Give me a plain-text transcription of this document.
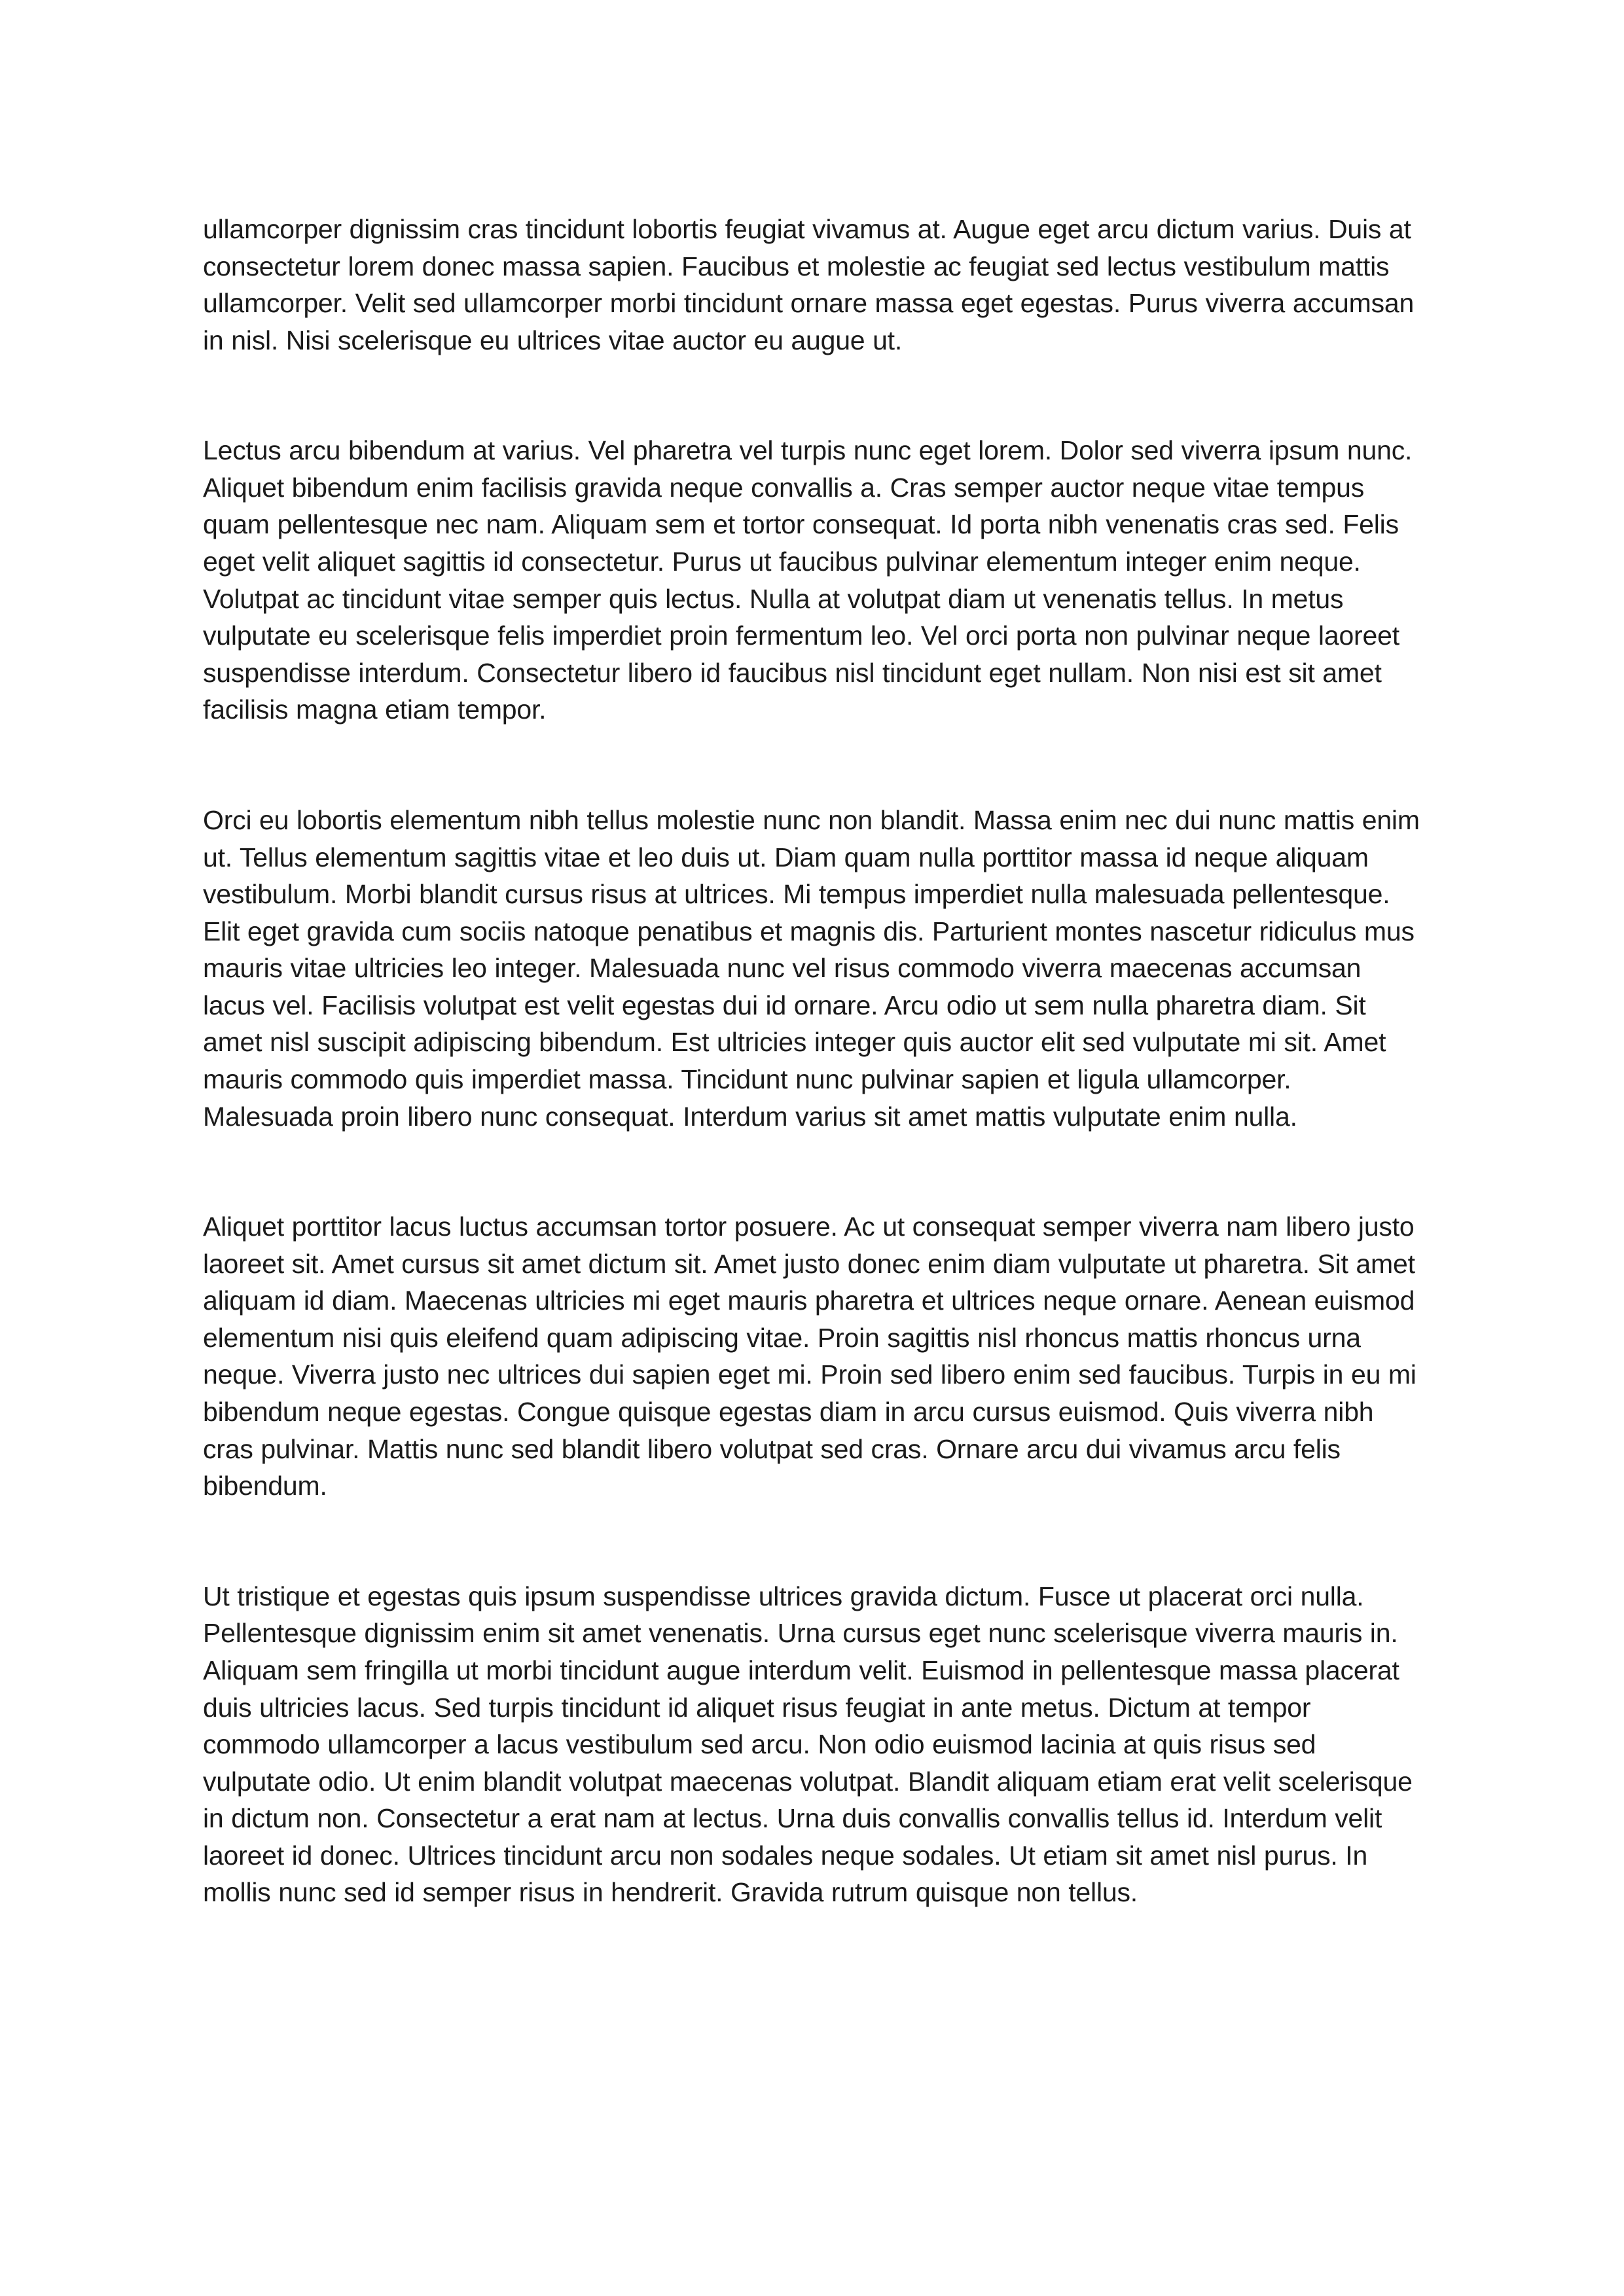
ullamcorper dignissim cras tincidunt lobortis feugiat vivamus at. Augue eget arcu dictum varius. Duis at consectetur lorem donec massa sapien. Faucibus et molestie ac feugiat sed lectus vestibulum mattis ullamcorper. Velit sed ullamcorper morbi tincidunt ornare massa eget egestas. Purus viverra accumsan in nisl. Nisi scelerisque eu ultrices vitae auctor eu augue ut.

Lectus arcu bibendum at varius. Vel pharetra vel turpis nunc eget lorem. Dolor sed viverra ipsum nunc. Aliquet bibendum enim facilisis gravida neque convallis a. Cras semper auctor neque vitae tempus quam pellentesque nec nam. Aliquam sem et tortor consequat. Id porta nibh venenatis cras sed. Felis eget velit aliquet sagittis id consectetur. Purus ut faucibus pulvinar elementum integer enim neque. Volutpat ac tincidunt vitae semper quis lectus. Nulla at volutpat diam ut venenatis tellus. In metus vulputate eu scelerisque felis imperdiet proin fermentum leo. Vel orci porta non pulvinar neque laoreet suspendisse interdum. Consectetur libero id faucibus nisl tincidunt eget nullam. Non nisi est sit amet facilisis magna etiam tempor.

Orci eu lobortis elementum nibh tellus molestie nunc non blandit. Massa enim nec dui nunc mattis enim ut. Tellus elementum sagittis vitae et leo duis ut. Diam quam nulla porttitor massa id neque aliquam vestibulum. Morbi blandit cursus risus at ultrices. Mi tempus imperdiet nulla malesuada pellentesque. Elit eget gravida cum sociis natoque penatibus et magnis dis. Parturient montes nascetur ridiculus mus mauris vitae ultricies leo integer. Malesuada nunc vel risus commodo viverra maecenas accumsan lacus vel. Facilisis volutpat est velit egestas dui id ornare. Arcu odio ut sem nulla pharetra diam. Sit amet nisl suscipit adipiscing bibendum. Est ultricies integer quis auctor elit sed vulputate mi sit. Amet mauris commodo quis imperdiet massa. Tincidunt nunc pulvinar sapien et ligula ullamcorper. Malesuada proin libero nunc consequat. Interdum varius sit amet mattis vulputate enim nulla.

Aliquet porttitor lacus luctus accumsan tortor posuere. Ac ut consequat semper viverra nam libero justo laoreet sit. Amet cursus sit amet dictum sit. Amet justo donec enim diam vulputate ut pharetra. Sit amet aliquam id diam. Maecenas ultricies mi eget mauris pharetra et ultrices neque ornare. Aenean euismod elementum nisi quis eleifend quam adipiscing vitae. Proin sagittis nisl rhoncus mattis rhoncus urna neque. Viverra justo nec ultrices dui sapien eget mi. Proin sed libero enim sed faucibus. Turpis in eu mi bibendum neque egestas. Congue quisque egestas diam in arcu cursus euismod. Quis viverra nibh cras pulvinar. Mattis nunc sed blandit libero volutpat sed cras. Ornare arcu dui vivamus arcu felis bibendum.

Ut tristique et egestas quis ipsum suspendisse ultrices gravida dictum. Fusce ut placerat orci nulla. Pellentesque dignissim enim sit amet venenatis. Urna cursus eget nunc scelerisque viverra mauris in. Aliquam sem fringilla ut morbi tincidunt augue interdum velit. Euismod in pellentesque massa placerat duis ultricies lacus. Sed turpis tincidunt id aliquet risus feugiat in ante metus. Dictum at tempor commodo ullamcorper a lacus vestibulum sed arcu. Non odio euismod lacinia at quis risus sed vulputate odio. Ut enim blandit volutpat maecenas volutpat. Blandit aliquam etiam erat velit scelerisque in dictum non. Consectetur a erat nam at lectus. Urna duis convallis convallis tellus id. Interdum velit laoreet id donec. Ultrices tincidunt arcu non sodales neque sodales. Ut etiam sit amet nisl purus. In mollis nunc sed id semper risus in hendrerit. Gravida rutrum quisque non tellus.
